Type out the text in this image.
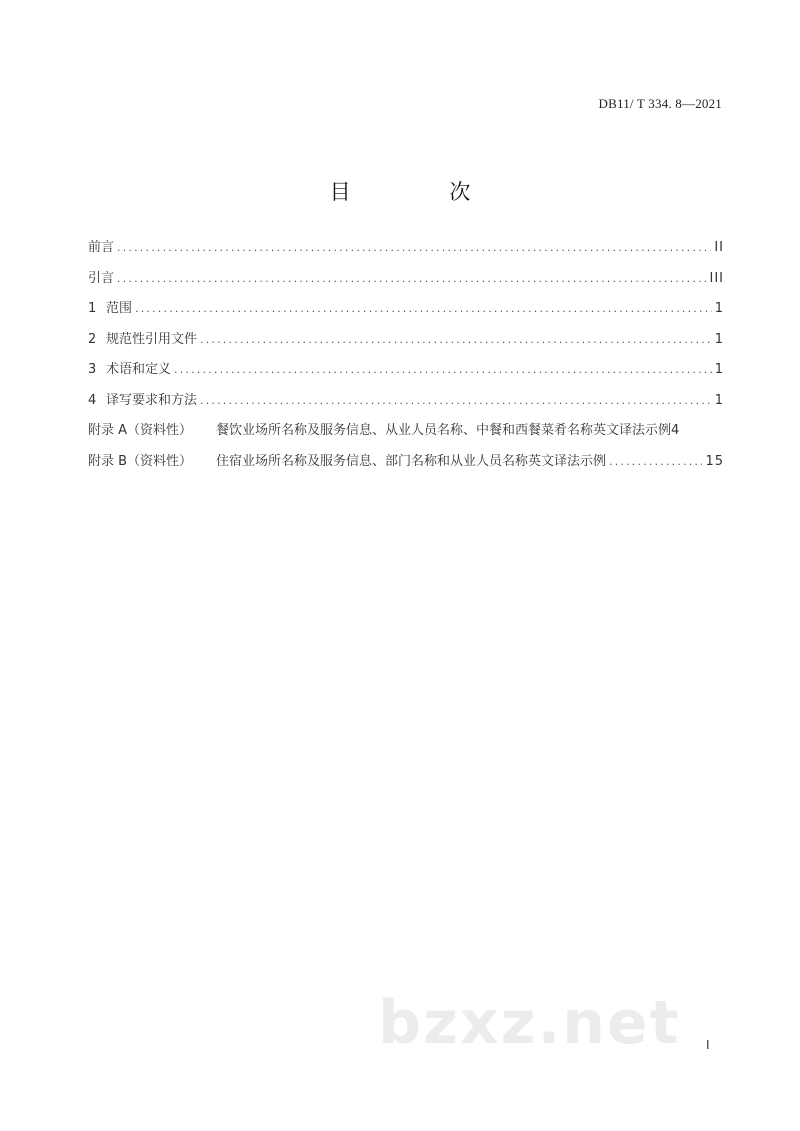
DB11/ T 334. 8—2021
目 次
前言 .....	II
引言 .....	III
1 范围 .....	1
2 规范性引用文件 .....	1
3 术语和定义 .....	1
4 译写要求和方法 .....	1
附录 A（资料性）	餐饮业场所名称及服务信息、从业人员名称、中餐和西餐菜肴名称英文译法示例 4
附录 B（资料性）	住宿业场所名称及服务信息、部门名称和从业人员名称英文译法示例 .....	15
bzxz.net I
